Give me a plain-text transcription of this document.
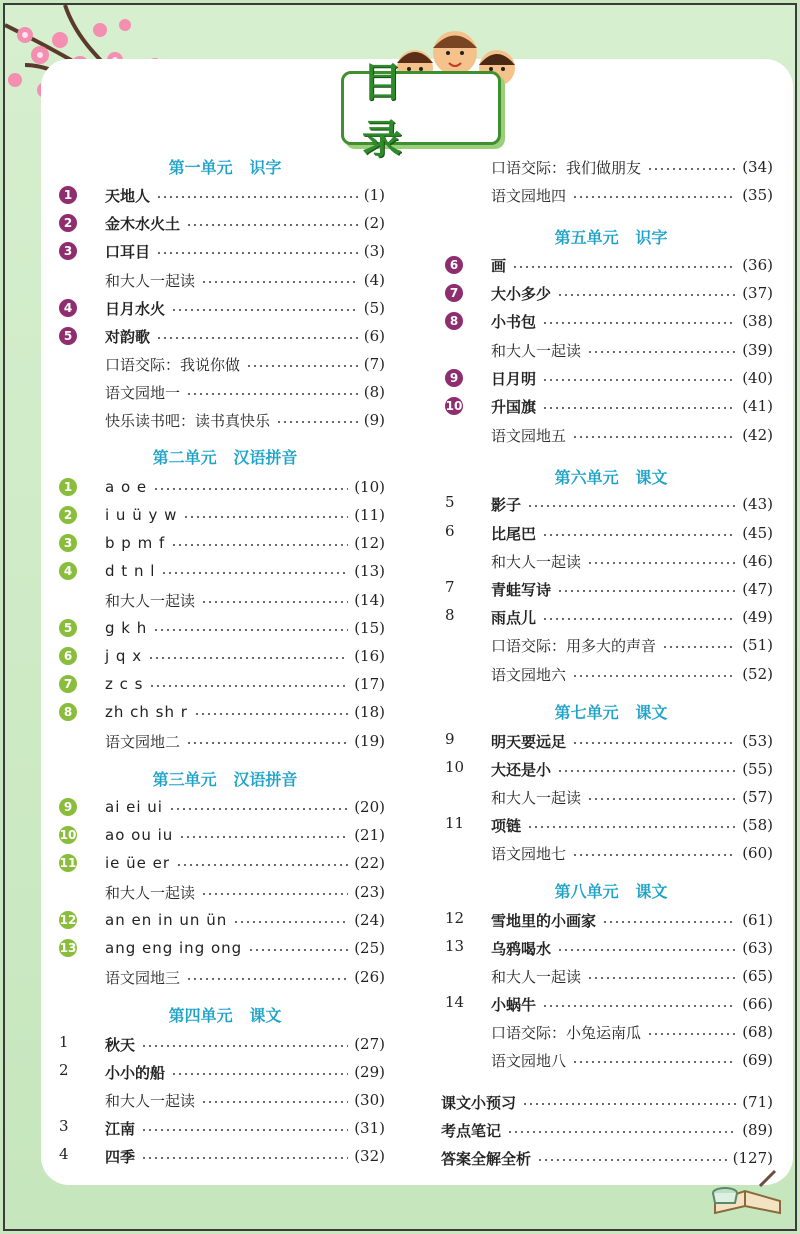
目 录
第一单元   识字
1	天地人	(1)
2	金木水火土	(2)
3	口耳目	(3)
和大人一起读	(4)
4	日月水火	(5)
5	对韵歌	(6)
口语交际：我说你做	(7)
语文园地一	(8)
快乐读书吧：读书真快乐	(9)
第二单元   汉语拼音
1	a o e	(10)
2	i u ü y w	(11)
3	b p m f	(12)
4	d t n l	(13)
和大人一起读	(14)
5	g k h	(15)
6	j q x	(16)
7	z c s	(17)
8	zh ch sh r	(18)
语文园地二	(19)
第三单元   汉语拼音
9	ai ei ui	(20)
10 ao ou iu	(21)
11 ie üe er	(22)
和大人一起读	(23)
12 an en in un ün	(24)
13 ang eng ing ong	(25)
语文园地三	(26)
第四单元   课文
1 秋天	(27)
2 小小的船	(29)
和大人一起读	(30)
3 江南	(31)
4 四季	(32)
口语交际：我们做朋友	(34)
语文园地四	(35)
第五单元   识字
6	画	(36)
7	大小多少	(37)
8	小书包	(38)
和大人一起读	(39)
9	日月明	(40)
10 升国旗	(41)
语文园地五	(42)
第六单元   课文
5 影子	(43)
6 比尾巴	(45)
和大人一起读	(46)
7 青蛙写诗	(47)
8 雨点儿	(49)
口语交际：用多大的声音	(51)
语文园地六	(52)
第七单元   课文
9 明天要远足	(53)
10 大还是小	(55)
和大人一起读	(57)
11 项链	(58)
语文园地七	(60)
第八单元   课文
12 雪地里的小画家	(61)
13 乌鸦喝水	(63)
和大人一起读	(65)
14 小蜗牛	(66)
口语交际：小兔运南瓜	(68)
语文园地八	(69)
课文小预习	(71)
考点笔记	(89)
答案全解全析	(127)
